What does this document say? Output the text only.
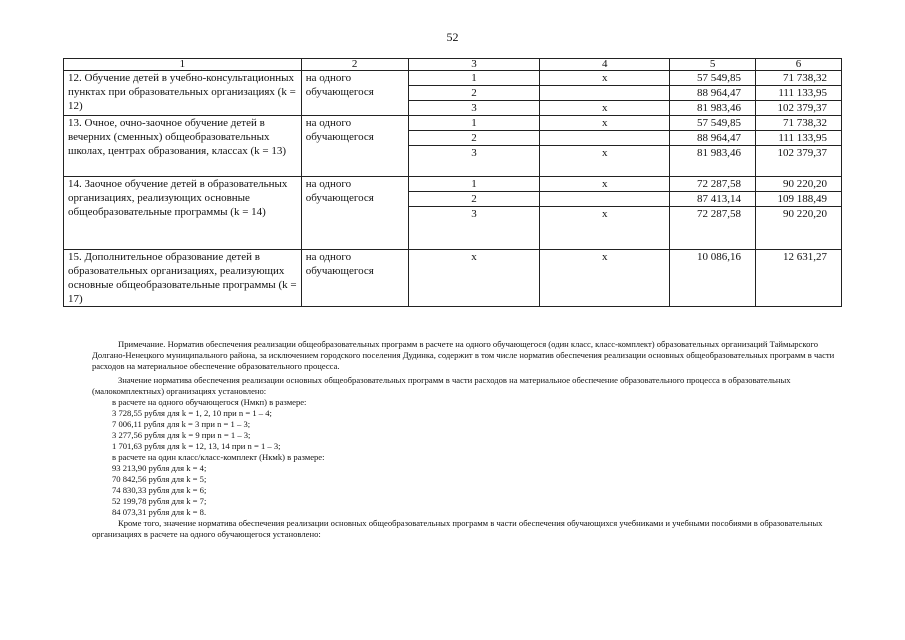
52
1	2	3	4	5	6
12. Обучение детей в учебно-консультационных пунктах при образовательных организациях (k = 12)	на одного обучающегося	1	x	57 549,85	71 738,32
		2		88 964,47	111 133,95
		3	x	81 983,46	102 379,37
13. Очное, очно-заочное обучение детей в вечерних (сменных) общеобразовательных школах, центрах образования, классах (k = 13)	на одного обучающегося	1	x	57 549,85	71 738,32
		2		88 964,47	111 133,95
		3	x	81 983,46	102 379,37
14. Заочное обучение детей в образовательных организациях, реализующих основные общеобразовательные программы (k = 14)	на одного обучающегося	1	x	72 287,58	90 220,20
		2		87 413,14	109 188,49
		3	x	72 287,58	90 220,20
15. Дополнительное образование детей в образовательных организациях, реализующих основные общеобразовательные программы (k = 17)	на одного обучающегося	x	x	10 086,16	12 631,27

Примечание. Норматив обеспечения реализации общеобразовательных программ в расчете на одного обучающегося (один класс, класс-комплект) образовательных организаций Таймырского Долгано-Ненецкого муниципального района, за исключением городского поселения Дудинка, содержит в том числе норматив обеспечения реализации основных общеобразовательных программ в части расходов на материальное обеспечение образовательного процесса.

Значение норматива обеспечения реализации основных общеобразовательных программ в части расходов на материальное обеспечение образовательного процесса в образовательных (малокомплектных) организациях установлено:

в расчете на одного обучающегося (Нмкп) в размере:

3 728,55 рубля для k = 1, 2, 10 при n = 1 – 4;

7 006,11 рубля для k = 3 при n = 1 – 3;

3 277,56 рубля для k = 9 при n = 1 – 3;

1 701,63 рубля для k = 12, 13, 14 при n = 1 – 3;

в расчете на один класс/класс-комплект (Нкмk) в размере:

93 213,90 рубля для k = 4;

70 842,56 рубля для k = 5;

74 830,33 рубля для k = 6;

52 199,78 рубля для k = 7;

84 073,31 рубля для k = 8.

Кроме того, значение норматива обеспечения реализации основных общеобразовательных программ в части обеспечения обучающихся учебниками и учебными пособиями в образовательных организациях в расчете на одного обучающегося установлено:
